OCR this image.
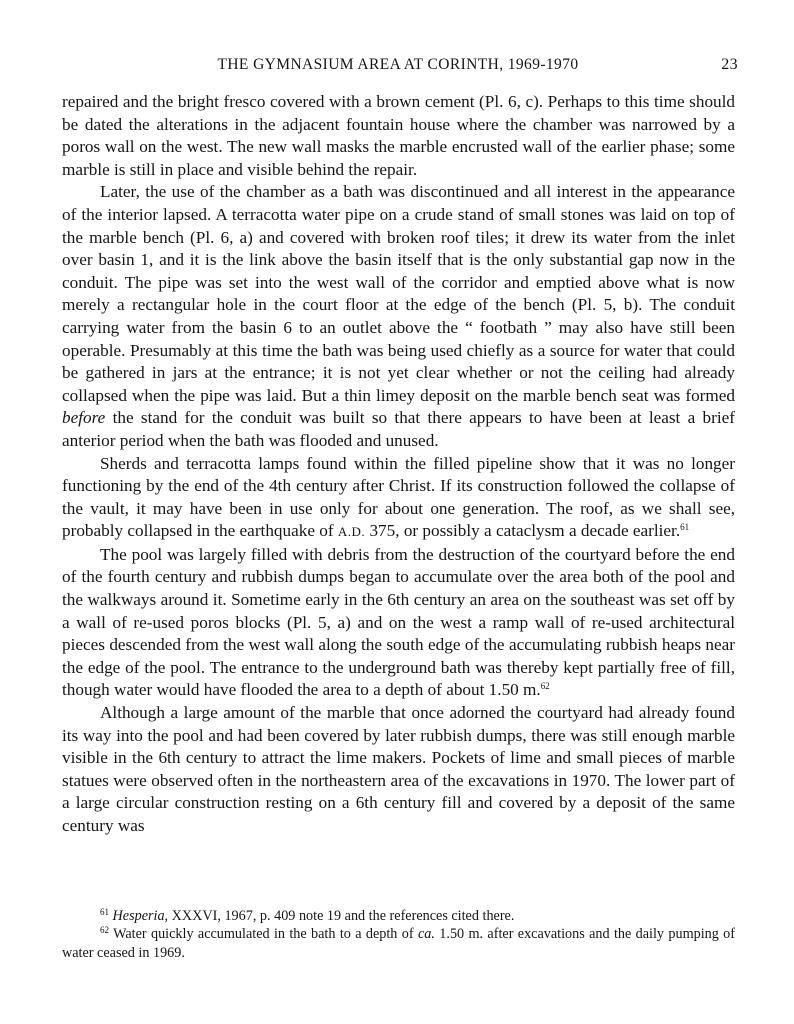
THE GYMNASIUM AREA AT CORINTH, 1969-1970	23

repaired and the bright fresco covered with a brown cement (Pl. 6, c). Perhaps to this time should be dated the alterations in the adjacent fountain house where the chamber was narrowed by a poros wall on the west. The new wall masks the marble encrusted wall of the earlier phase; some marble is still in place and visible behind the repair.

Later, the use of the chamber as a bath was discontinued and all interest in the appearance of the interior lapsed. A terracotta water pipe on a crude stand of small stones was laid on top of the marble bench (Pl. 6, a) and covered with broken roof tiles; it drew its water from the inlet over basin 1, and it is the link above the basin itself that is the only substantial gap now in the conduit. The pipe was set into the west wall of the corridor and emptied above what is now merely a rectangular hole in the court floor at the edge of the bench (Pl. 5, b). The conduit carrying water from the basin 6 to an outlet above the “ footbath ” may also have still been operable. Presumably at this time the bath was being used chiefly as a source for water that could be gathered in jars at the entrance; it is not yet clear whether or not the ceiling had already collapsed when the pipe was laid. But a thin limey deposit on the marble bench seat was formed before the stand for the conduit was built so that there appears to have been at least a brief anterior period when the bath was flooded and unused.

Sherds and terracotta lamps found within the filled pipeline show that it was no longer functioning by the end of the 4th century after Christ. If its construction followed the collapse of the vault, it may have been in use only for about one generation. The roof, as we shall see, probably collapsed in the earthquake of A.D. 375, or possibly a cataclysm a decade earlier.$^{61}$

The pool was largely filled with debris from the destruction of the courtyard before the end of the fourth century and rubbish dumps began to accumulate over the area both of the pool and the walkways around it. Sometime early in the 6th century an area on the southeast was set off by a wall of re-used poros blocks (Pl. 5, a) and on the west a ramp wall of re-used architectural pieces descended from the west wall along the south edge of the accumulating rubbish heaps near the edge of the pool. The entrance to the underground bath was thereby kept partially free of fill, though water would have flooded the area to a depth of about 1.50 m.$^{62}$

Although a large amount of the marble that once adorned the courtyard had already found its way into the pool and had been covered by later rubbish dumps, there was still enough marble visible in the 6th century to attract the lime makers. Pockets of lime and small pieces of marble statues were observed often in the northeastern area of the excavations in 1970. The lower part of a large circular construction resting on a 6th century fill and covered by a deposit of the same century was

$^{61}$ Hesperia, XXXVI, 1967, p. 409 note 19 and the references cited there.

$^{62}$ Water quickly accumulated in the bath to a depth of ca. 1.50 m. after excavations and the daily pumping of water ceased in 1969.
